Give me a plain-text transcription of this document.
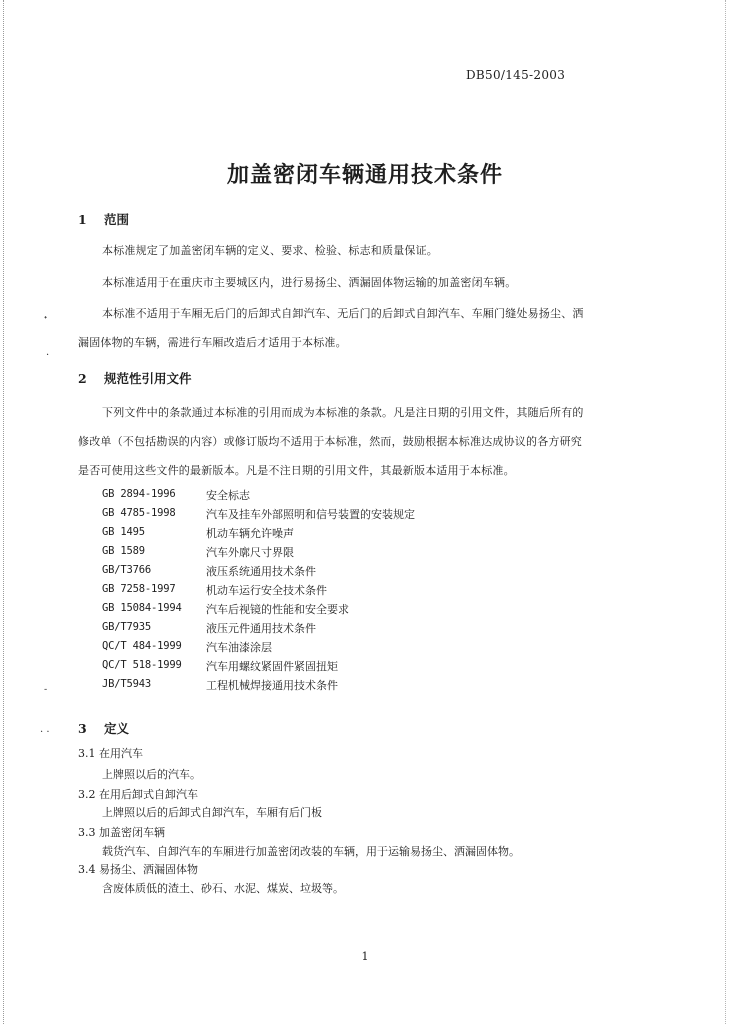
DB50/145-2003
加盖密闭车辆通用技术条件
1 范围
本标准规定了加盖密闭车辆的定义、要求、检验、标志和质量保证。
本标准适用于在重庆市主要城区内，进行易扬尘、洒漏固体物运输的加盖密闭车辆。
本标准不适用于车厢无后门的后卸式自卸汽车、无后门的后卸式自卸汽车、车厢门缝处易扬尘、洒
漏固体物的车辆，需进行车厢改造后才适用于本标准。
2 规范性引用文件
下列文件中的条款通过本标准的引用而成为本标准的条款。凡是注日期的引用文件，其随后所有的
修改单（不包括勘误的内容）或修订版均不适用于本标准，然而，鼓励根据本标准达成协议的各方研究
是否可使用这些文件的最新版本。凡是不注日期的引用文件，其最新版本适用于本标准。
GB 2894-1996	安全标志
GB 4785-1998	汽车及挂车外部照明和信号装置的安装规定
GB 1495	机动车辆允许噪声
GB 1589	汽车外廓尺寸界限
GB/T3766	液压系统通用技术条件
GB 7258-1997	机动车运行安全技术条件
GB 15084-1994 汽车后视镜的性能和安全要求
GB/T7935	液压元件通用技术条件
QC/T 484-1999 汽车油漆涂层
QC/T 518-1999 汽车用螺纹紧固件紧固扭矩
JB/T5943	工程机械焊接通用技术条件
3 定义
3.1 在用汽车
上牌照以后的汽车。
3.2 在用后卸式自卸汽车
上牌照以后的后卸式自卸汽车，车厢有后门板
3.3 加盖密闭车辆
载货汽车、自卸汽车的车厢进行加盖密闭改装的车辆，用于运输易扬尘、洒漏固体物。
3.4 易扬尘、洒漏固体物
含废体质低的渣土、砂石、水泥、煤炭、垃圾等。
1
˖
·
˗
. .
